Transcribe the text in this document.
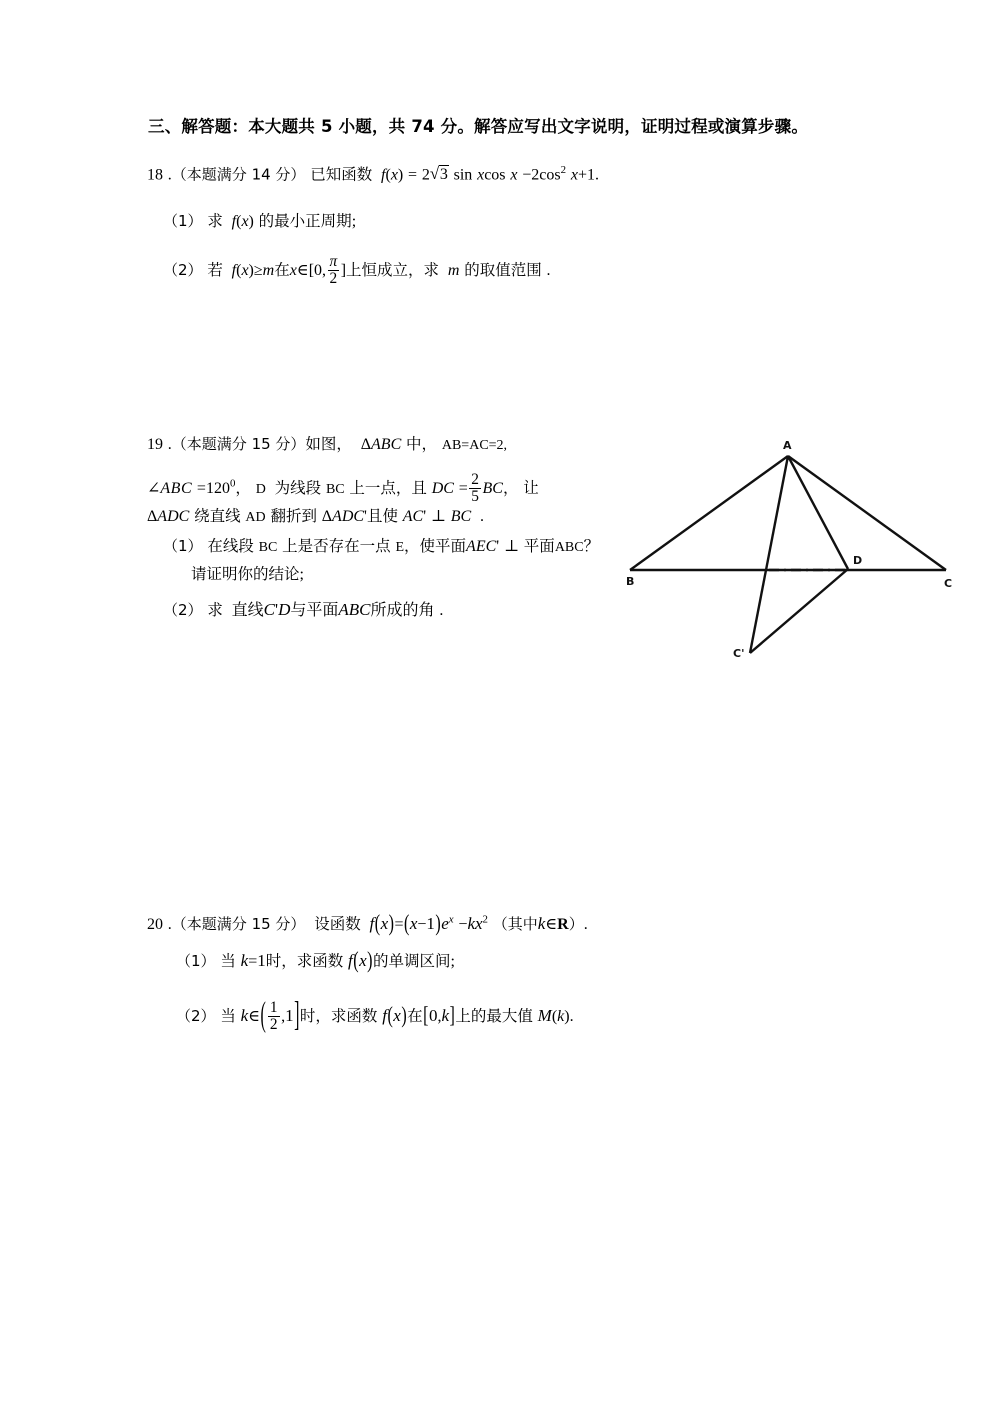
三、解答题：本大题共 5 小题，共 74 分。解答应写出文字说明，证明过程或演算步骤。
18 .（本题满分 14 分） 已知函数 f(x) = 2 √ 3 sin xcos $x -2\cos^2$ x+1.
（1） 求 f(x) 的最小正周期;
（2） 若 f(x)≥m在x∈[0, $\frac{\pi}{2}$ ]上恒成立，求 m 的取值范围 .
19 .（本题满分 15 分）如图， ΔABC 中， AB=AC=2,
∠ABC $=120^0$， D 为线段 BC 上一点，且 DC = $\frac{2}{5}$ BC， 让
ΔADC 绕直线 AD 翻折到 ΔADC'且使 AC' ⊥ BC .
（1） 在线段 BC 上是否存在一点 E，使平面AEC' ⊥ 平面ABC？
请证明你的结论;
（2） 求 直线C'D与平面ABC所成的角 .
A
B	C
D
C'
20 .（本题满分 15 分） 设函数 $f(x)=(x-1)e^x -kx^2$ （其中k∈R）.
（1） 当 k=1时，求函数 f(x)的单调区间;
（2） 当 k∈( $\frac{1}{2} ,1$]时，求函数 f(x)在[0,k]上的最大值 M(k).
